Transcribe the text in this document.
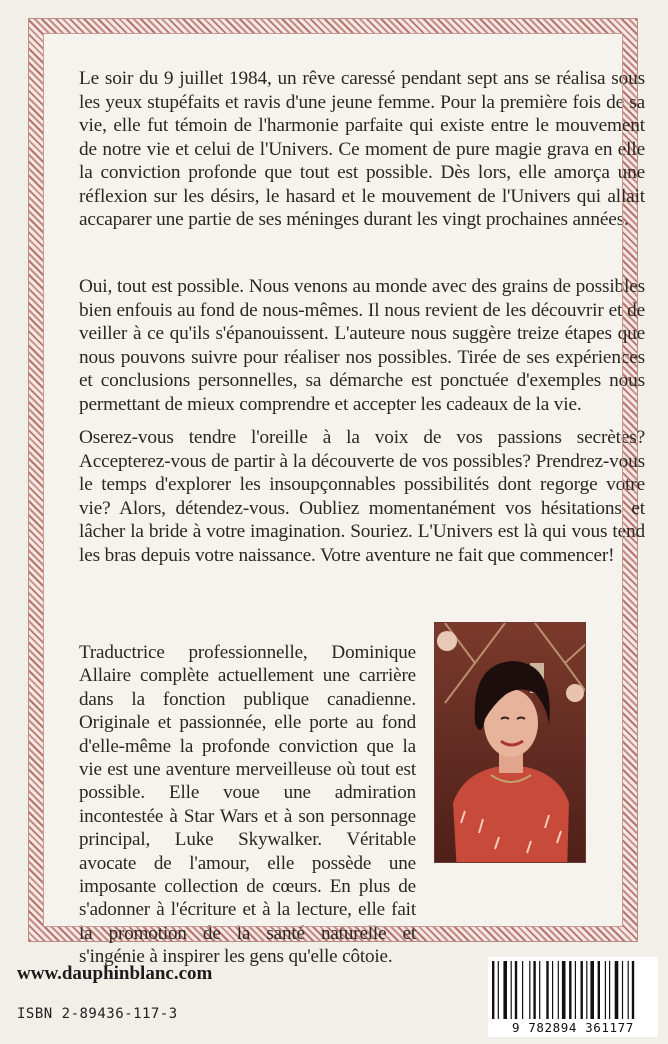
Le soir du 9 juillet 1984, un rêve caressé pendant sept ans se réalisa sous les yeux stupéfaits et ravis d'une jeune femme. Pour la première fois de sa vie, elle fut témoin de l'harmonie parfaite qui existe entre le mouvement de notre vie et celui de l'Univers. Ce moment de pure magie grava en elle la conviction profonde que tout est possible. Dès lors, elle amorça une réflexion sur les désirs, le hasard et le mouvement de l'Univers qui allait accaparer une partie de ses méninges durant les vingt prochaines années.

Oui, tout est possible. Nous venons au monde avec des grains de possibles bien enfouis au fond de nous-mêmes. Il nous revient de les découvrir et de veiller à ce qu'ils s'épanouissent. L'auteure nous suggère treize étapes que nous pouvons suivre pour réaliser nos possibles. Tirée de ses expériences et conclusions personnelles, sa démarche est ponctuée d'exemples nous permettant de mieux comprendre et accepter les cadeaux de la vie.

Oserez-vous tendre l'oreille à la voix de vos passions secrètes? Accepterez-vous de partir à la découverte de vos possibles? Prendrez-vous le temps d'explorer les insoupçonnables possibilités dont regorge votre vie? Alors, détendez-vous. Oubliez momentanément vos hésitations et lâcher la bride à votre imagination. Souriez. L'Univers est là qui vous tend les bras depuis votre naissance. Votre aventure ne fait que commencer!

Traductrice professionnelle, Dominique Allaire complète actuellement une carrière dans la fonction publique canadienne. Originale et passionnée, elle porte au fond d'elle-même la profonde conviction que la vie est une aventure merveilleuse où tout est possible. Elle voue une admiration incontestée à Star Wars et à son personnage principal, Luke Skywalker. Véritable avocate de l'amour, elle possède une imposante collection de cœurs. En plus de s'adonner à l'écriture et à la lecture, elle fait la promotion de la santé naturelle et s'ingénie à inspirer les gens qu'elle côtoie.

www.dauphinblanc.com
ISBN 2-89436-117-3
9 782894 361177
